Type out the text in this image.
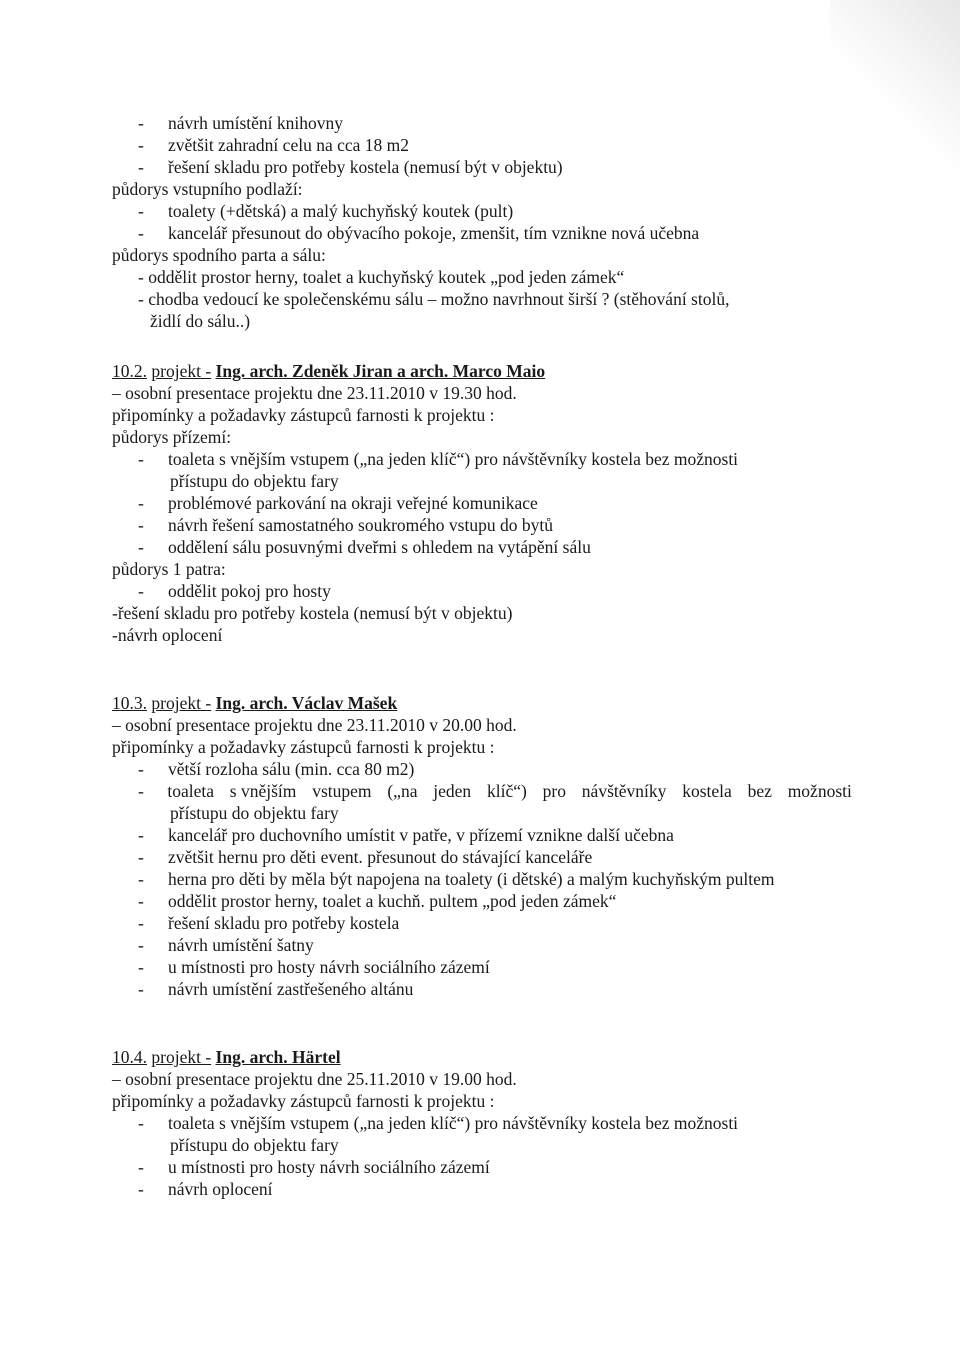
- návrh umístění knihovny
- zvětšit zahradní celu na cca 18 m2
- řešení skladu pro potřeby kostela (nemusí být v objektu)
půdorys vstupního podlaží:
- toalety (+dětská) a malý kuchyňský koutek (pult)
- kancelář přesunout do obývacího pokoje, zmenšit, tím vznikne nová učebna
půdorys spodního parta a sálu:
- oddělit prostor herny, toalet a kuchyňský koutek „pod jeden zámek“
- chodba vedoucí ke společenskému sálu – možno navrhnout širší ? (stěhování stolů,
židlí do sálu..)
10.2. projekt - Ing. arch. Zdeněk Jiran a arch. Marco Maio
– osobní presentace projektu dne 23.11.2010 v 19.30 hod.
připomínky a požadavky zástupců farnosti k projektu :
půdorys přízemí:
- toaleta s vnějším vstupem („na jeden klíč“) pro návštěvníky kostela bez možnosti
přístupu do objektu fary
- problémové parkování na okraji veřejné komunikace
- návrh řešení samostatného soukromého vstupu do bytů
- oddělení sálu posuvnými dveřmi s ohledem na vytápění sálu
půdorys 1 patra:
- oddělit pokoj pro hosty
-řešení skladu pro potřeby kostela (nemusí být v objektu)
-návrh oplocení
10.3. projekt - Ing. arch. Václav Mašek
– osobní presentace projektu dne 23.11.2010 v 20.00 hod.
připomínky a požadavky zástupců farnosti k projektu :
- větší rozloha sálu (min. cca 80 m2)
-	toaleta s vnějším vstupem („na jeden klíč“) pro návštěvníky kostela bez možnosti
přístupu do objektu fary
- kancelář pro duchovního umístit v patře, v přízemí vznikne další učebna
- zvětšit hernu pro děti event. přesunout do stávající kanceláře
- herna pro děti by měla být napojena na toalety (i dětské) a malým kuchyňským pultem
- oddělit prostor herny, toalet a kuchň. pultem „pod jeden zámek“
- řešení skladu pro potřeby kostela
- návrh umístění šatny
- u místnosti pro hosty návrh sociálního zázemí
- návrh umístění zastřešeného altánu
10.4. projekt - Ing. arch. Härtel
– osobní presentace projektu dne 25.11.2010 v 19.00 hod.
připomínky a požadavky zástupců farnosti k projektu :
- toaleta s vnějším vstupem („na jeden klíč“) pro návštěvníky kostela bez možnosti
přístupu do objektu fary
- u místnosti pro hosty návrh sociálního zázemí
- návrh oplocení
